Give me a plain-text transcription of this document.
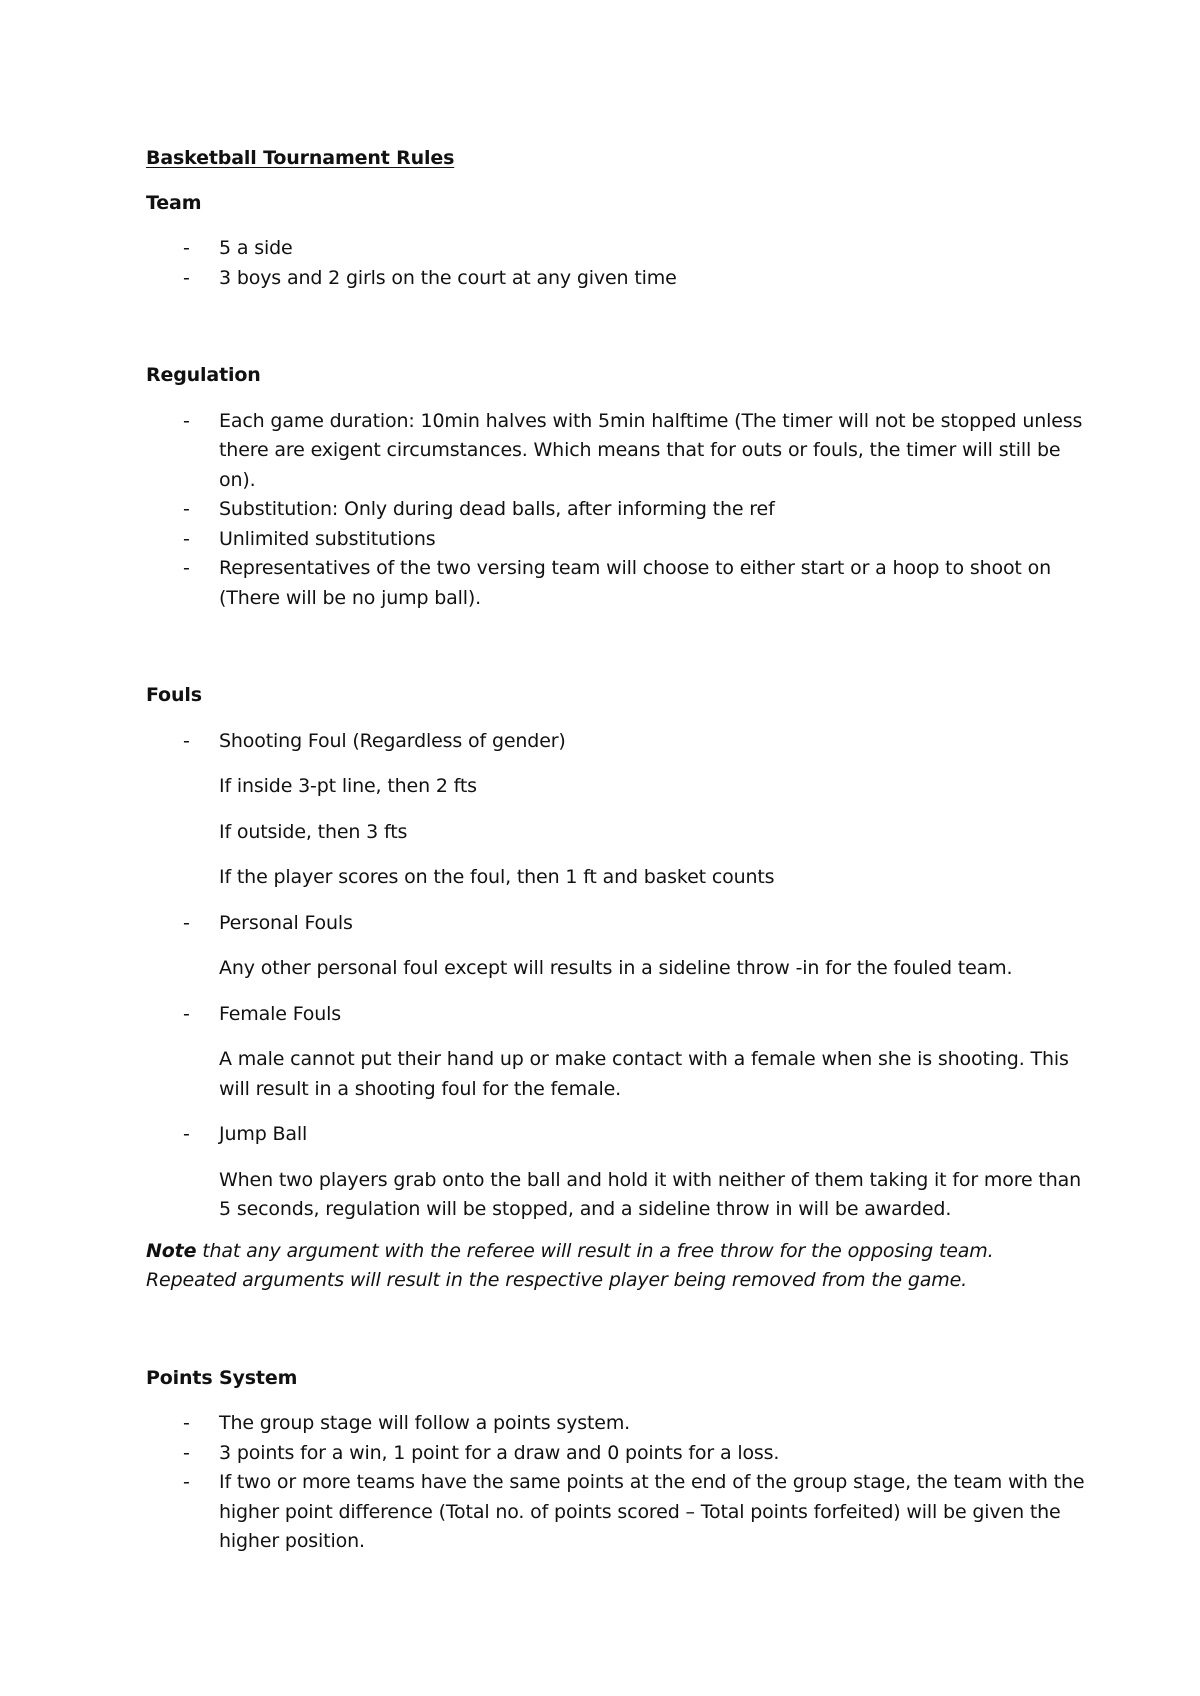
Basketball Tournament Rules

Team

- 5 a side
- 3 boys and 2 girls on the court at any given time

Regulation

- Each game duration: 10min halves with 5min halftime (The timer will not be stopped unless there are exigent circumstances. Which means that for outs or fouls, the timer will still be on).
- Substitution: Only during dead balls, after informing the ref
- Unlimited substitutions
- Representatives of the two versing team will choose to either start or a hoop to shoot on (There will be no jump ball).

Fouls

- Shooting Foul (Regardless of gender)

If inside 3-pt line, then 2 fts

If outside, then 3 fts

If the player scores on the foul, then 1 ft and basket counts

- Personal Fouls

Any other personal foul except will results in a sideline throw -in for the fouled team.

- Female Fouls

A male cannot put their hand up or make contact with a female when she is shooting. This will result in a shooting foul for the female.

- Jump Ball

When two players grab onto the ball and hold it with neither of them taking it for more than 5 seconds, regulation will be stopped, and a sideline throw in will be awarded.

Note that any argument with the referee will result in a free throw for the opposing team. Repeated arguments will result in the respective player being removed from the game.

Points System

- The group stage will follow a points system.
- 3 points for a win, 1 point for a draw and 0 points for a loss.
- If two or more teams have the same points at the end of the group stage, the team with the higher point difference (Total no. of points scored – Total points forfeited) will be given the higher position.
